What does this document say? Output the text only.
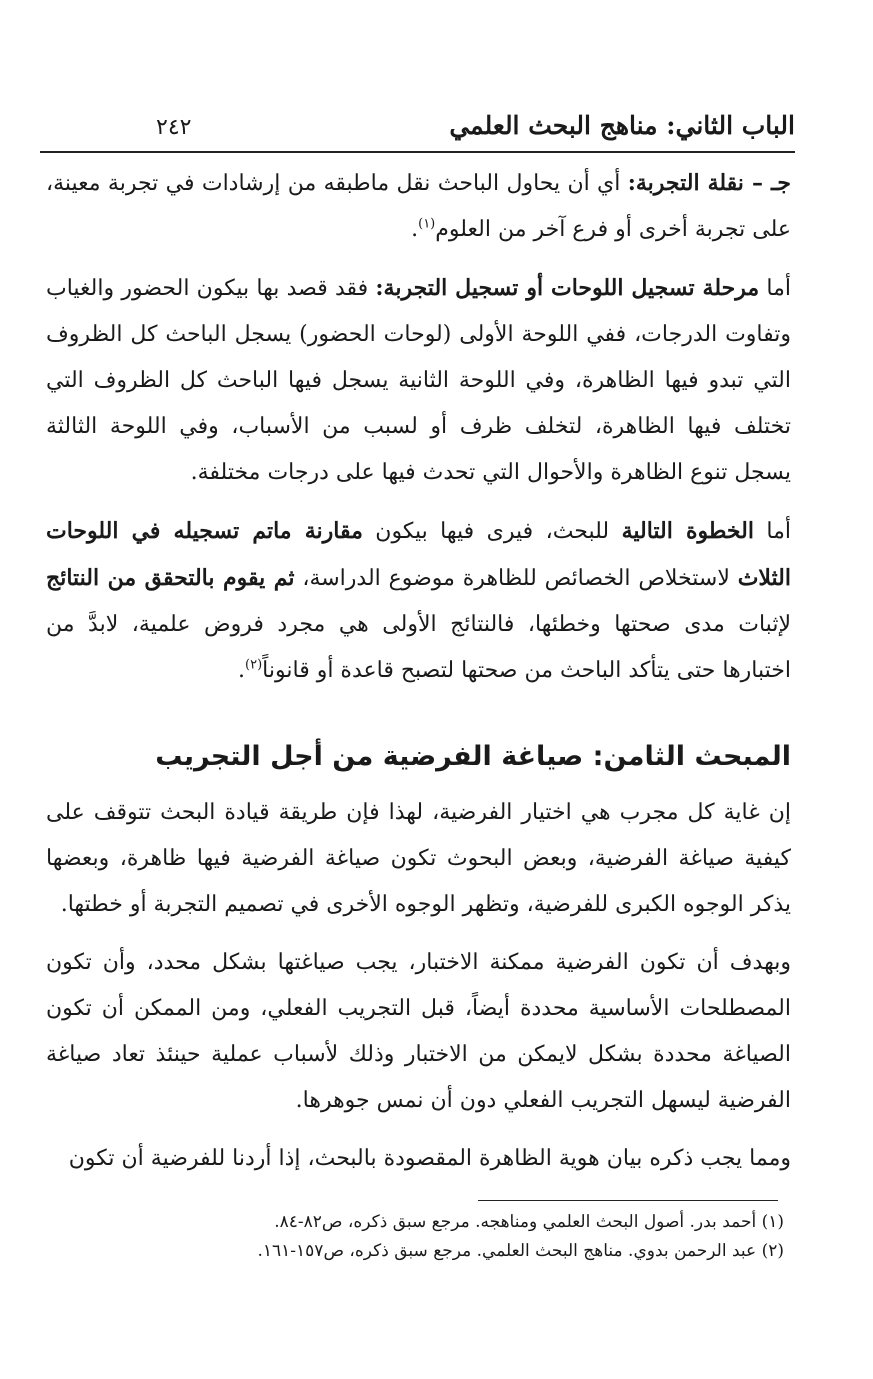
الباب الثاني: مناهج البحث العلمي
٢٤٢

جـ – نقلة التجربة: أي أن يحاول الباحث نقل ماطبقه من إرشادات في تجربة معينة، على تجربة أخرى أو فرع آخر من العلوم$^{(١)}$.

أما مرحلة تسجيل اللوحات أو تسجيل التجربة: فقد قصد بها بيكون الحضور والغياب وتفاوت الدرجات، ففي اللوحة الأولى (لوحات الحضور) يسجل الباحث كل الظروف التي تبدو فيها الظاهرة، وفي اللوحة الثانية يسجل فيها الباحث كل الظروف التي تختلف فيها الظاهرة، لتخلف ظرف أو لسبب من الأسباب، وفي اللوحة الثالثة يسجل تنوع الظاهرة والأحوال التي تحدث فيها على درجات مختلفة.

أما الخطوة التالية للبحث، فيرى فيها بيكون مقارنة ماتم تسجيله في اللوحات الثلاث لاستخلاص الخصائص للظاهرة موضوع الدراسة، ثم يقوم بالتحقق من النتائج لإثبات مدى صحتها وخطئها، فالنتائج الأولى هي مجرد فروض علمية، لابدَّ من اختبارها حتى يتأكد الباحث من صحتها لتصبح قاعدة أو قانوناً$^{(٢)}$.

المبحث الثامن: صياغة الفرضية من أجل التجريب

إن غاية كل مجرب هي اختيار الفرضية، لهذا فإن طريقة قيادة البحث تتوقف على كيفية صياغة الفرضية، وبعض البحوث تكون صياغة الفرضية فيها ظاهرة، وبعضها يذكر الوجوه الكبرى للفرضية، وتظهر الوجوه الأخرى في تصميم التجربة أو خطتها.

وبهدف أن تكون الفرضية ممكنة الاختبار، يجب صياغتها بشكل محدد، وأن تكون المصطلحات الأساسية محددة أيضاً، قبل التجريب الفعلي، ومن الممكن أن تكون الصياغة محددة بشكل لايمكن من الاختبار وذلك لأسباب عملية حينئذ تعاد صياغة الفرضية ليسهل التجريب الفعلي دون أن نمس جوهرها.

ومما يجب ذكره بيان هوية الظاهرة المقصودة بالبحث، إذا أردنا للفرضية أن تكون

(١) أحمد بدر. أصول البحث العلمي ومناهجه. مرجع سبق ذكره، ص٨٢-٨٤.
(٢) عبد الرحمن بدوي. مناهج البحث العلمي. مرجع سبق ذكره، ص١٥٧-١٦١.
